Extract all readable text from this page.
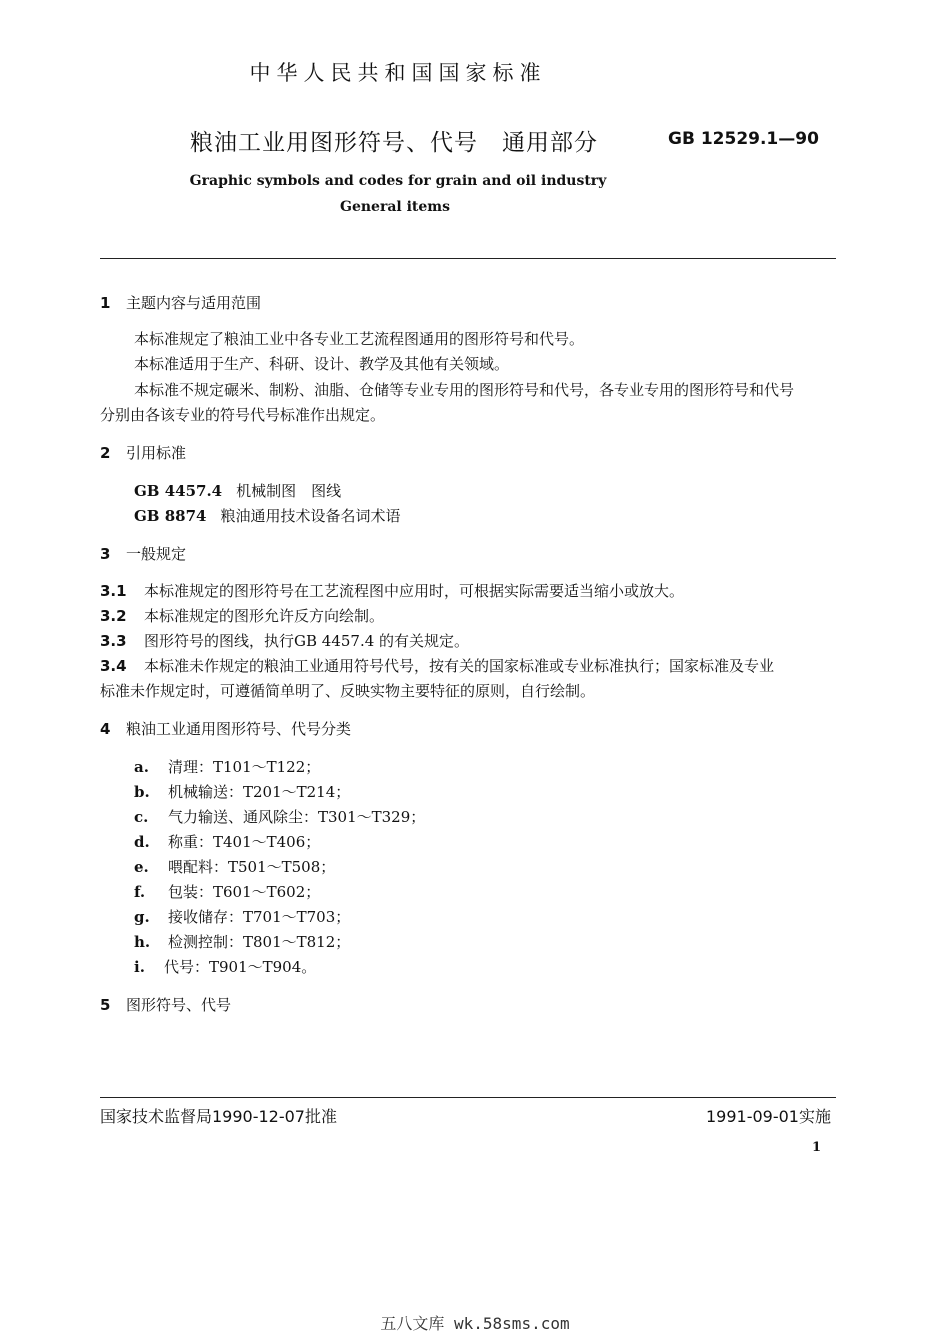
中华人民共和国国家标准
粮油工业用图形符号、代号　通用部分	GB 12529.1—90
Graphic symbols and codes for grain and oil industry
General items
1 主题内容与适用范围
本标准规定了粮油工业中各专业工艺流程图通用的图形符号和代号。
本标准适用于生产、科研、设计、教学及其他有关领域。
本标准不规定碾米、制粉、油脂、仓储等专业专用的图形符号和代号，各专业专用的图形符号和代号
分别由各该专业的符号代号标准作出规定。
2 引用标准
GB 4457.4 机械制图　图线
GB 8874 粮油通用技术设备名词术语
3 一般规定
3.1 本标准规定的图形符号在工艺流程图中应用时，可根据实际需要适当缩小或放大。
3.2 本标准规定的图形允许反方向绘制。
3.3 图形符号的图线，执行GB 4457.4 的有关规定。
3.4 本标准未作规定的粮油工业通用符号代号，按有关的国家标准或专业标准执行；国家标准及专业
标准未作规定时，可遵循简单明了、反映实物主要特征的原则，自行绘制。
4 粮油工业通用图形符号、代号分类
a. 清理：T101～T122；
b. 机械输送：T201～T214；
c. 气力输送、通风除尘：T301～T329；
d. 称重：T401～T406；
e. 喂配料：T501～T508；
f. 包装：T601～T602；
g. 接收储存：T701～T703；
h. 检测控制：T801～T812；
i. 代号：T901～T904。
5 图形符号、代号
国家技术监督局1990-12-07批准	1991-09-01实施
1
五八文库 wk.58sms.com
